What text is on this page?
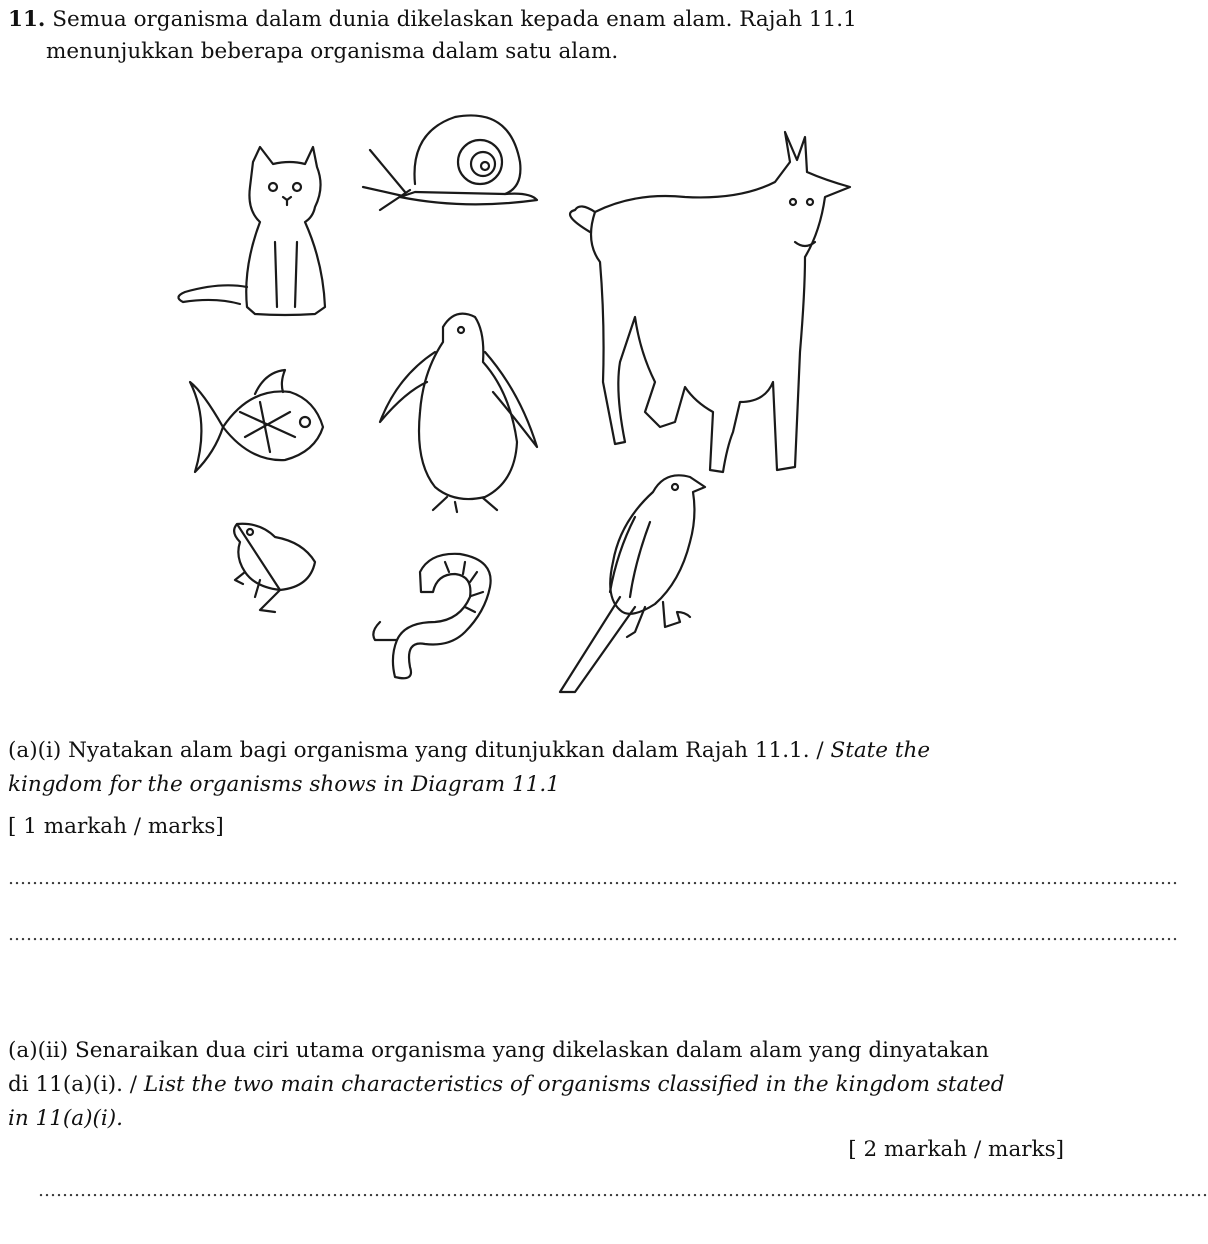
11. Semua organisma dalam dunia dikelaskan kepada enam alam. Rajah 11.1
menunjukkan beberapa organisma dalam satu alam.
(a)(i) Nyatakan alam bagi organisma yang ditunjukkan dalam Rajah 11.1. / State the
kingdom for the organisms shows in Diagram 11.1
[ 1 markah / marks]
……………………………………………………………………………………………………………………………………………………………………………
……………………………………………………………………………………………………………………………………………………………………………
(a)(ii) Senaraikan dua ciri utama organisma yang dikelaskan dalam alam yang dinyatakan
di 11(a)(i). / List the two main characteristics of organisms classified in the kingdom stated
in 11(a)(i).
[ 2 markah / marks]
……………………………………………………………………………………………………………………………………………………………………………
